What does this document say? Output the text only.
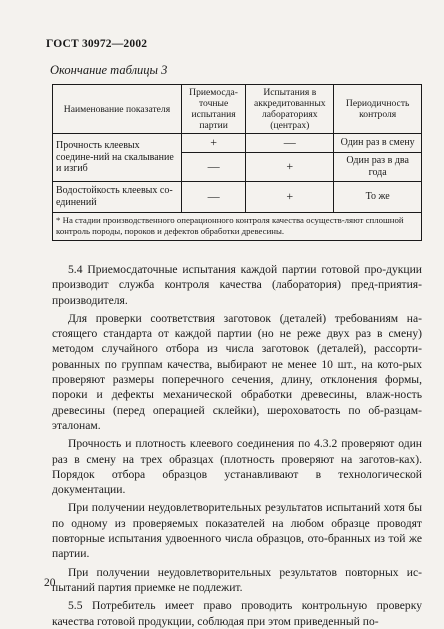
ГОСТ 30972—2002
Окончание таблицы 3
Наименование показателя	Приемосда-точные испытания партии	Испытания в аккредитованных лабораториях (центрах)	Периодичность контроля
Прочность клеевых соедине-ний на скалывание и изгиб	+	—	Один раз в смену
	—	+	Один раз в два года
Водостойкость клеевых со-единений	—	+	То же
* На стадии производственного операционного контроля качества осуществ-ляют сплошной контроль породы, пороков и дефектов обработки древесины.			

5.4 Приемосдаточные испытания каждой партии готовой про-дукции производит служба контроля качества (лаборатория) пред-приятия-производителя.

Для проверки соответствия заготовок (деталей) требованиям на-стоящего стандарта от каждой партии (но не реже двух раз в смену) методом случайного отбора из числа заготовок (деталей), рассорти-рованных по группам качества, выбирают не менее 10 шт., на кото-рых проверяют размеры поперечного сечения, длину, отклонения формы, пороки и дефекты механической обработки древесины, влаж-ность древесины (перед операцией склейки), шероховатость по об-разцам-эталонам.

Прочность и плотность клеевого соединения по 4.3.2 проверяют один раз в смену на трех образцах (плотность проверяют на заготов-ках). Порядок отбора образцов устанавливают в технологической документации.

При получении неудовлетворительных результатов испытаний хотя бы по одному из проверяемых показателей на любом образце проводят повторные испытания удвоенного числа образцов, ото-бранных из той же партии.

При получении неудовлетворительных результатов повторных ис-пытаний партия приемке не подлежит.

5.5 Потребитель имеет право проводить контрольную проверку качества готовой продукции, соблюдая при этом приведенный по-

20
